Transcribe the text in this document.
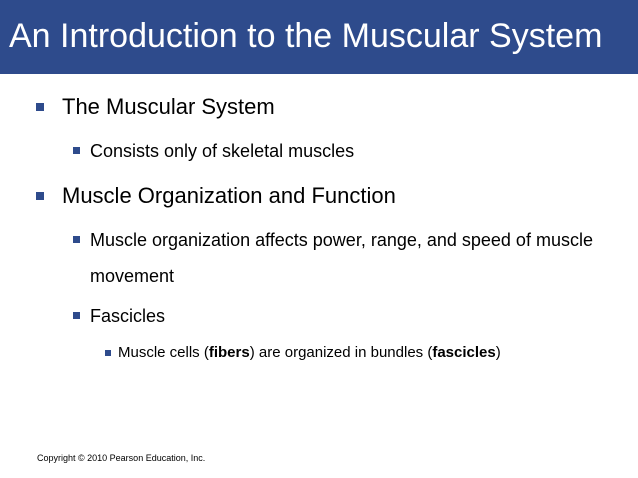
An Introduction to the Muscular System
The Muscular System
Consists only of skeletal muscles
Muscle Organization and Function
Muscle organization affects power, range, and speed of muscle movement
Fascicles
Muscle cells (fibers) are organized in bundles (fascicles)
Copyright © 2010 Pearson Education, Inc.
